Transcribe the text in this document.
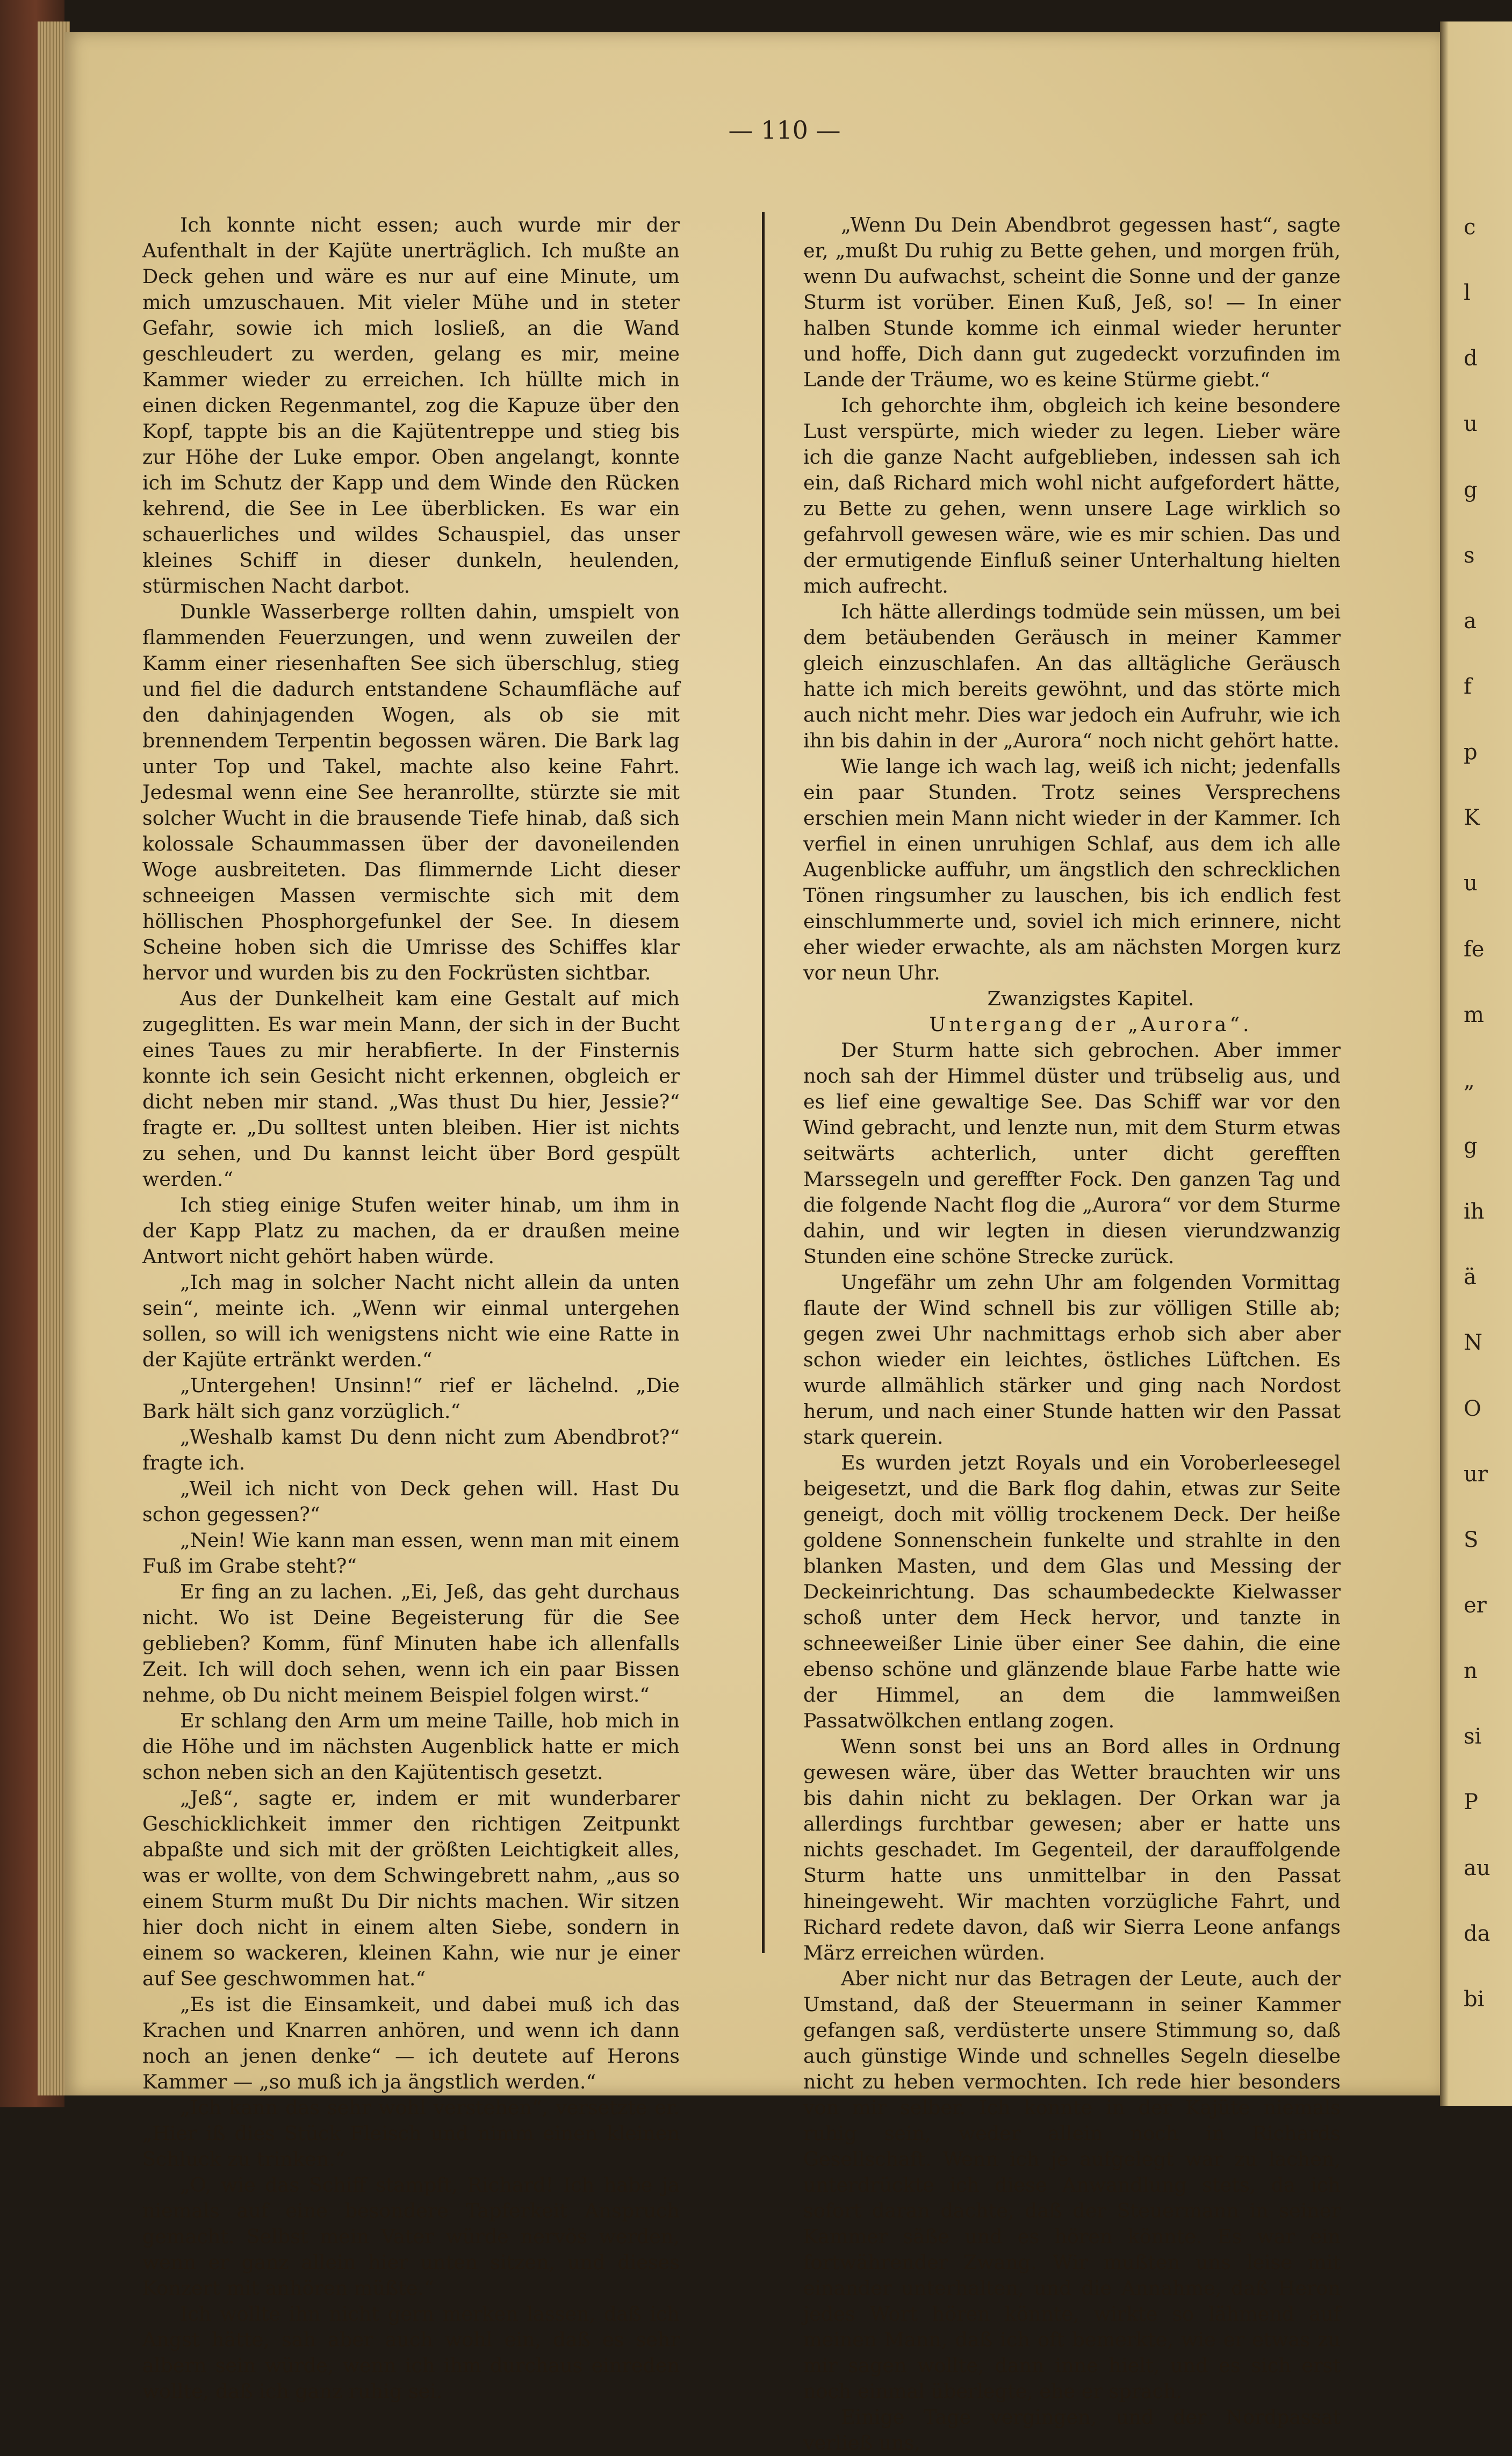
— 110 —

Ich konnte nicht essen; auch wurde mir der Aufenthalt in der Kajüte unerträglich. Ich mußte an Deck gehen und wäre es nur auf eine Minute, um mich umzuschauen. Mit vieler Mühe und in steter Gefahr, sowie ich mich losließ, an die Wand geschleudert zu werden, gelang es mir, meine Kammer wieder zu erreichen. Ich hüllte mich in einen dicken Regenmantel, zog die Kapuze über den Kopf, tappte bis an die Kajütentreppe und stieg bis zur Höhe der Luke empor. Oben angelangt, konnte ich im Schutz der Kapp und dem Winde den Rücken kehrend, die See in Lee überblicken. Es war ein schauerliches und wildes Schauspiel, das unser kleines Schiff in dieser dunkeln, heulenden, stürmischen Nacht darbot.

Dunkle Wasserberge rollten dahin, umspielt von flammenden Feuerzungen, und wenn zuweilen der Kamm einer riesenhaften See sich überschlug, stieg und fiel die dadurch entstandene Schaumfläche auf den dahinjagenden Wogen, als ob sie mit brennendem Terpentin begossen wären. Die Bark lag unter Top und Takel, machte also keine Fahrt. Jedesmal wenn eine See heranrollte, stürzte sie mit solcher Wucht in die brausende Tiefe hinab, daß sich kolossale Schaummassen über der davoneilenden Woge ausbreiteten. Das flimmernde Licht dieser schneeigen Massen vermischte sich mit dem höllischen Phosphorgefunkel der See. In diesem Scheine hoben sich die Umrisse des Schiffes klar hervor und wurden bis zu den Fockrüsten sichtbar.

Aus der Dunkelheit kam eine Gestalt auf mich zugeglitten. Es war mein Mann, der sich in der Bucht eines Taues zu mir herabfierte. In der Finsternis konnte ich sein Gesicht nicht erkennen, obgleich er dicht neben mir stand. „Was thust Du hier, Jessie?“ fragte er. „Du solltest unten bleiben. Hier ist nichts zu sehen, und Du kannst leicht über Bord gespült werden.“

Ich stieg einige Stufen weiter hinab, um ihm in der Kapp Platz zu machen, da er draußen meine Antwort nicht gehört haben würde.

„Ich mag in solcher Nacht nicht allein da unten sein“, meinte ich. „Wenn wir einmal untergehen sollen, so will ich wenigstens nicht wie eine Ratte in der Kajüte ertränkt werden.“

„Untergehen! Unsinn!“ rief er lächelnd. „Die Bark hält sich ganz vorzüglich.“

„Weshalb kamst Du denn nicht zum Abendbrot?“ fragte ich.

„Weil ich nicht von Deck gehen will. Hast Du schon gegessen?“

„Nein! Wie kann man essen, wenn man mit einem Fuß im Grabe steht?“

Er fing an zu lachen. „Ei, Jeß, das geht durchaus nicht. Wo ist Deine Begeisterung für die See geblieben? Komm, fünf Minuten habe ich allenfalls Zeit. Ich will doch sehen, wenn ich ein paar Bissen nehme, ob Du nicht meinem Beispiel folgen wirst.“

Er schlang den Arm um meine Taille, hob mich in die Höhe und im nächsten Augenblick hatte er mich schon neben sich an den Kajütentisch gesetzt.

„Jeß“, sagte er, indem er mit wunderbarer Geschicklichkeit immer den richtigen Zeitpunkt abpaßte und sich mit der größten Leichtigkeit alles, was er wollte, von dem Schwingebrett nahm, „aus so einem Sturm mußt Du Dir nichts machen. Wir sitzen hier doch nicht in einem alten Siebe, sondern in einem so wackeren, kleinen Kahn, wie nur je einer auf See geschwommen hat.“

„Es ist die Einsamkeit, und dabei muß ich das Krachen und Knarren anhören, und wenn ich dann noch an jenen denke“ — ich deutete auf Herons Kammer — „so muß ich ja ängstlich werden.“

„Ich kann das sehr wohl verstehen“, versetzte er. „Hier iß dies Stück Fleisch und nimm einen kleinen Schluck zu trinken.“

„O, wie das Schiff stampft, Richard! Ich habe ja niemals auf eine besondere Tapferkeit Anspruch gemacht. Selbst mein Vater würde nervös werden, wenn er ganz allein hier unten sitzen, und dieses Konzert mit anhören müßte.“

Ich wollte ihn nicht gern merken lassen, daß ich Angst hätte, sah aber auch wohl ein, daß es sehr albern sein würde, wenn ich ihm durchaus einreden wollte, daß ich ganz ruhig sei.

„Wenn Du Dein Abendbrot gegessen hast“, sagte er, „mußt Du ruhig zu Bette gehen, und morgen früh, wenn Du aufwachst, scheint die Sonne und der ganze Sturm ist vorüber. Einen Kuß, Jeß, so! — In einer halben Stunde komme ich einmal wieder herunter und hoffe, Dich dann gut zugedeckt vorzufinden im Lande der Träume, wo es keine Stürme giebt.“

Ich gehorchte ihm, obgleich ich keine besondere Lust verspürte, mich wieder zu legen. Lieber wäre ich die ganze Nacht aufgeblieben, indessen sah ich ein, daß Richard mich wohl nicht aufgefordert hätte, zu Bette zu gehen, wenn unsere Lage wirklich so gefahrvoll gewesen wäre, wie es mir schien. Das und der ermutigende Einfluß seiner Unterhaltung hielten mich aufrecht.

Ich hätte allerdings todmüde sein müssen, um bei dem betäubenden Geräusch in meiner Kammer gleich einzuschlafen. An das alltägliche Geräusch hatte ich mich bereits gewöhnt, und das störte mich auch nicht mehr. Dies war jedoch ein Aufruhr, wie ich ihn bis dahin in der „Aurora“ noch nicht gehört hatte.

Wie lange ich wach lag, weiß ich nicht; jedenfalls ein paar Stunden. Trotz seines Versprechens erschien mein Mann nicht wieder in der Kammer. Ich verfiel in einen unruhigen Schlaf, aus dem ich alle Augenblicke auffuhr, um ängstlich den schrecklichen Tönen ringsumher zu lauschen, bis ich endlich fest einschlummerte und, soviel ich mich erinnere, nicht eher wieder erwachte, als am nächsten Morgen kurz vor neun Uhr.

Zwanzigstes Kapitel.

Untergang der „Aurora“.

Der Sturm hatte sich gebrochen. Aber immer noch sah der Himmel düster und trübselig aus, und es lief eine gewaltige See. Das Schiff war vor den Wind gebracht, und lenzte nun, mit dem Sturm etwas seitwärts achterlich, unter dicht gerefften Marssegeln und gereffter Fock. Den ganzen Tag und die folgende Nacht flog die „Aurora“ vor dem Sturme dahin, und wir legten in diesen vierundzwanzig Stunden eine schöne Strecke zurück.

Ungefähr um zehn Uhr am folgenden Vormittag flaute der Wind schnell bis zur völligen Stille ab; gegen zwei Uhr nachmittags erhob sich aber aber schon wieder ein leichtes, östliches Lüftchen. Es wurde allmählich stärker und ging nach Nordost herum, und nach einer Stunde hatten wir den Passat stark querein.

Es wurden jetzt Royals und ein Voroberleesegel beigesetzt, und die Bark flog dahin, etwas zur Seite geneigt, doch mit völlig trockenem Deck. Der heiße goldene Sonnenschein funkelte und strahlte in den blanken Masten, und dem Glas und Messing der Deckeinrichtung. Das schaumbedeckte Kielwasser schoß unter dem Heck hervor, und tanzte in schneeweißer Linie über einer See dahin, die eine ebenso schöne und glänzende blaue Farbe hatte wie der Himmel, an dem die lammweißen Passatwölkchen entlang zogen.

Wenn sonst bei uns an Bord alles in Ordnung gewesen wäre, über das Wetter brauchten wir uns bis dahin nicht zu beklagen. Der Orkan war ja allerdings furchtbar gewesen; aber er hatte uns nichts geschadet. Im Gegenteil, der darauffolgende Sturm hatte uns unmittelbar in den Passat hineingeweht. Wir machten vorzügliche Fahrt, und Richard redete davon, daß wir Sierra Leone anfangs März erreichen würden.

Aber nicht nur das Betragen der Leute, auch der Umstand, daß der Steuermann in seiner Kammer gefangen saß, verdüsterte unsere Stimmung so, daß auch günstige Winde und schnelles Segeln dieselbe nicht zu heben vermochten. Ich rede hier besonders von mir selber. Ich konnte in der Kajüte niemals ruhig sein, weder allein noch in Richards Gesellschaft. Wenn ich je aufgelegt war zu lachen, unterdrückte ich diese Anwandlung stets, da ich sofort daran dachte, daß der Steuermann in seiner Kammer säße und es hören könnte. Es war ein fortwährender Zwang. Wir mußten uns leise mit einander unterhalten, und die Annahme, daß Heron jedes Wort hören könnte, wirkte so lähmend auf meinen Mann, daß ich oft bemerkte, wie er etwas zu mir sagen wollte, dann inne hielt, und es sich erst noch einmal überlegte, ehe er sprach.

Einige Tage vergingen, und der Nordpassat verließ uns,

c
l
d
u
g
s
a
f
p
K
u
fe
m
„
g
ih
ä
N
O
ur
S
er
n
si
P
au
da
bi
